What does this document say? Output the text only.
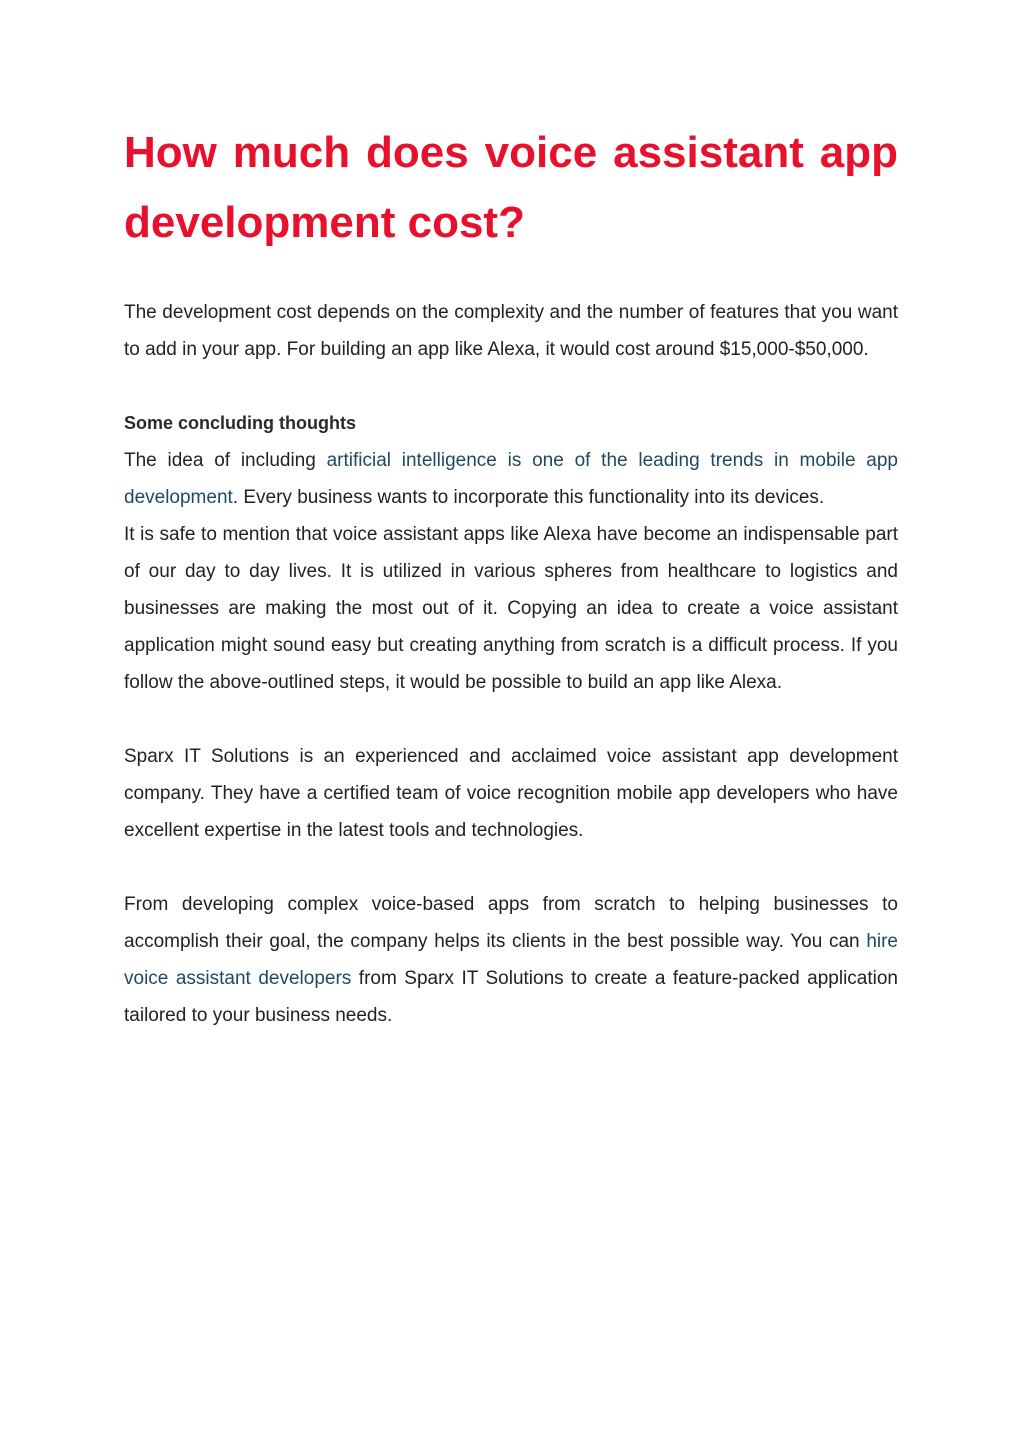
How much does voice assistant app
development cost?

The development cost depends on the complexity and the number of features that you want to add in your app. For building an app like Alexa, it would cost around $15,000-$50,000.

Some concluding thoughts

The idea of including artificial intelligence is one of the leading trends in mobile app development. Every business wants to incorporate this functionality into its devices.

It is safe to mention that voice assistant apps like Alexa have become an indispensable part of our day to day lives. It is utilized in various spheres from healthcare to logistics and businesses are making the most out of it. Copying an idea to create a voice assistant application might sound easy but creating anything from scratch is a difficult process. If you follow the above-outlined steps, it would be possible to build an app like Alexa.

Sparx IT Solutions is an experienced and acclaimed voice assistant app development company. They have a certified team of voice recognition mobile app developers who have excellent expertise in the latest tools and technologies.

From developing complex voice-based apps from scratch to helping businesses to accomplish their goal, the company helps its clients in the best possible way. You can hire voice assistant developers from Sparx IT Solutions to create a feature-packed application tailored to your business needs.
